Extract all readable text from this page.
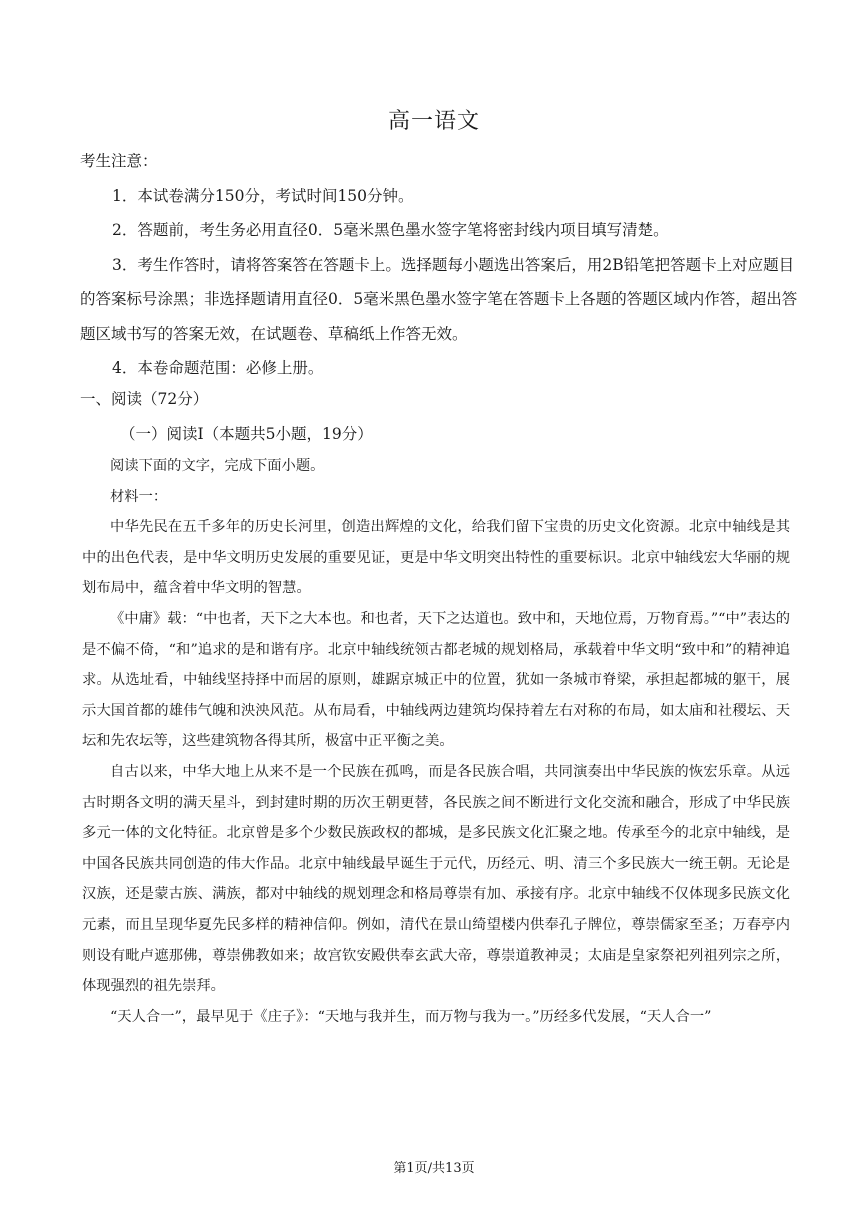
高一语文

考生注意：

1．本试卷满分150分，考试时间150分钟。

2．答题前，考生务必用直径0．5毫米黑色墨水签字笔将密封线内项目填写清楚。

3．考生作答时，请将答案答在答题卡上。选择题每小题选出答案后，用2B铅笔把答题卡上对应题目的答案标号涂黑；非选择题请用直径0．5毫米黑色墨水签字笔在答题卡上各题的答题区域内作答，超出答题区域书写的答案无效，在试题卷、草稿纸上作答无效。

4．本卷命题范围：必修上册。

一、阅读（72分）
（一）阅读Ⅰ（本题共5小题，19分）

阅读下面的文字，完成下面小题。

材料一：

中华先民在五千多年的历史长河里，创造出辉煌的文化，给我们留下宝贵的历史文化资源。北京中轴线是其中的出色代表，是中华文明历史发展的重要见证，更是中华文明突出特性的重要标识。北京中轴线宏大华丽的规划布局中，蕴含着中华文明的智慧。

《中庸》载：“中也者，天下之大本也。和也者，天下之达道也。致中和，天地位焉，万物育焉。”“中”表达的是不偏不倚，“和”追求的是和谐有序。北京中轴线统领古都老城的规划格局，承载着中华文明“致中和”的精神追求。从选址看，中轴线坚持择中而居的原则，雄踞京城正中的位置，犹如一条城市脊梁，承担起都城的躯干，展示大国首都的雄伟气魄和泱泱风范。从布局看，中轴线两边建筑均保持着左右对称的布局，如太庙和社稷坛、天坛和先农坛等，这些建筑物各得其所，极富中正平衡之美。

自古以来，中华大地上从来不是一个民族在孤鸣，而是各民族合唱，共同演奏出中华民族的恢宏乐章。从远古时期各文明的满天星斗，到封建时期的历次王朝更替，各民族之间不断进行文化交流和融合，形成了中华民族多元一体的文化特征。北京曾是多个少数民族政权的都城，是多民族文化汇聚之地。传承至今的北京中轴线，是中国各民族共同创造的伟大作品。北京中轴线最早诞生于元代，历经元、明、清三个多民族大一统王朝。无论是汉族，还是蒙古族、满族，都对中轴线的规划理念和格局尊崇有加、承接有序。北京中轴线不仅体现多民族文化元素，而且呈现华夏先民多样的精神信仰。例如，清代在景山绮望楼内供奉孔子牌位，尊崇儒家至圣；万春亭内则设有毗卢遮那佛，尊崇佛教如来；故宫钦安殿供奉玄武大帝，尊崇道教神灵；太庙是皇家祭祀列祖列宗之所，体现强烈的祖先崇拜。

“天人合一”，最早见于《庄子》：“天地与我并生，而万物与我为一。”历经多代发展，“天人合一”

第1页/共13页
